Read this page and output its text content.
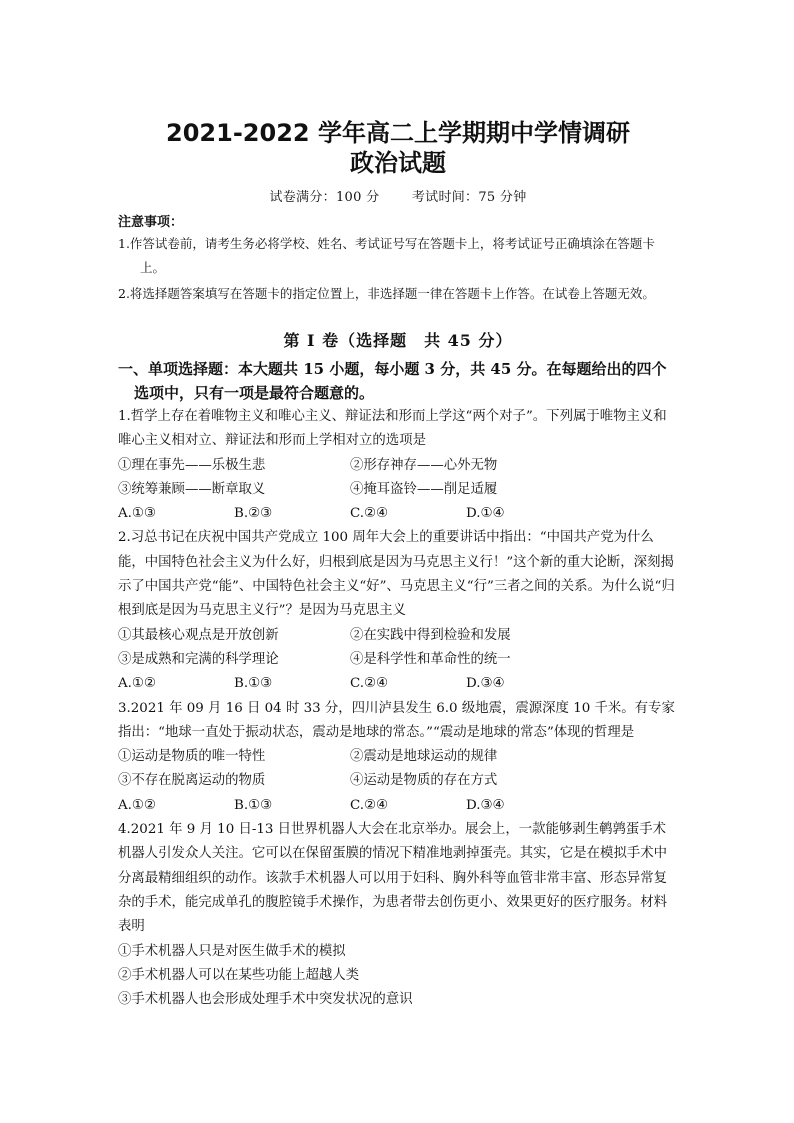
2021-2022 学年高二上学期期中学情调研
政治试题
试卷满分：100 分 考试时间：75 分钟
注意事项：

1.作答试卷前，请考生务必将学校、姓名、考试证号写在答题卡上，将考试证号正确填涂在答题卡上。

2.将选择题答案填写在答题卡的指定位置上，非选择题一律在答题卡上作答。在试卷上答题无效。

第 Ⅰ 卷（选择题　共 45 分）
一、单项选择题：本大题共 15 小题，每小题 3 分，共 45 分。在每题给出的四个选项中，只有一项是最符合题意的。

1.哲学上存在着唯物主义和唯心主义、辩证法和形而上学这“两个对子”。下列属于唯物主义和唯心主义相对立、辩证法和形而上学相对立的选项是

①理在事先——乐极生悲	②形存神存——心外无物
③统筹兼顾——断章取义	④掩耳盗铃——削足适履
A.①③	B.②③	C.②④	D.①④

2.习总书记在庆祝中国共产党成立 100 周年大会上的重要讲话中指出：“中国共产党为什么能，中国特色社会主义为什么好，归根到底是因为马克思主义行！”这个新的重大论断，深刻揭示了中国共产党“能”、中国特色社会主义“好”、马克思主义“行”三者之间的关系。为什么说“归根到底是因为马克思主义行”？是因为马克思主义

①其最核心观点是开放创新	②在实践中得到检验和发展
③是成熟和完满的科学理论	④是科学性和革命性的统一
A.①②	B.①③	C.②④	D.③④

3.2021 年 09 月 16 日 04 时 33 分，四川泸县发生 6.0 级地震，震源深度 10 千米。有专家指出：“地球一直处于振动状态，震动是地球的常态。”“震动是地球的常态”体现的哲理是

①运动是物质的唯一特性	②震动是地球运动的规律
③不存在脱离运动的物质	④运动是物质的存在方式
A.①②	B.①③	C.②④	D.③④

4.2021 年 9 月 10 日-13 日世界机器人大会在北京举办。展会上，一款能够剥生鹌鹑蛋手术机器人引发众人关注。它可以在保留蛋膜的情况下精准地剥掉蛋壳。其实，它是在模拟手术中分离最精细组织的动作。该款手术机器人可以用于妇科、胸外科等血管非常丰富、形态异常复杂的手术，能完成单孔的腹腔镜手术操作，为患者带去创伤更小、效果更好的医疗服务。材料表明

①手术机器人只是对医生做手术的模拟

②手术机器人可以在某些功能上超越人类

③手术机器人也会形成处理手术中突发状况的意识
